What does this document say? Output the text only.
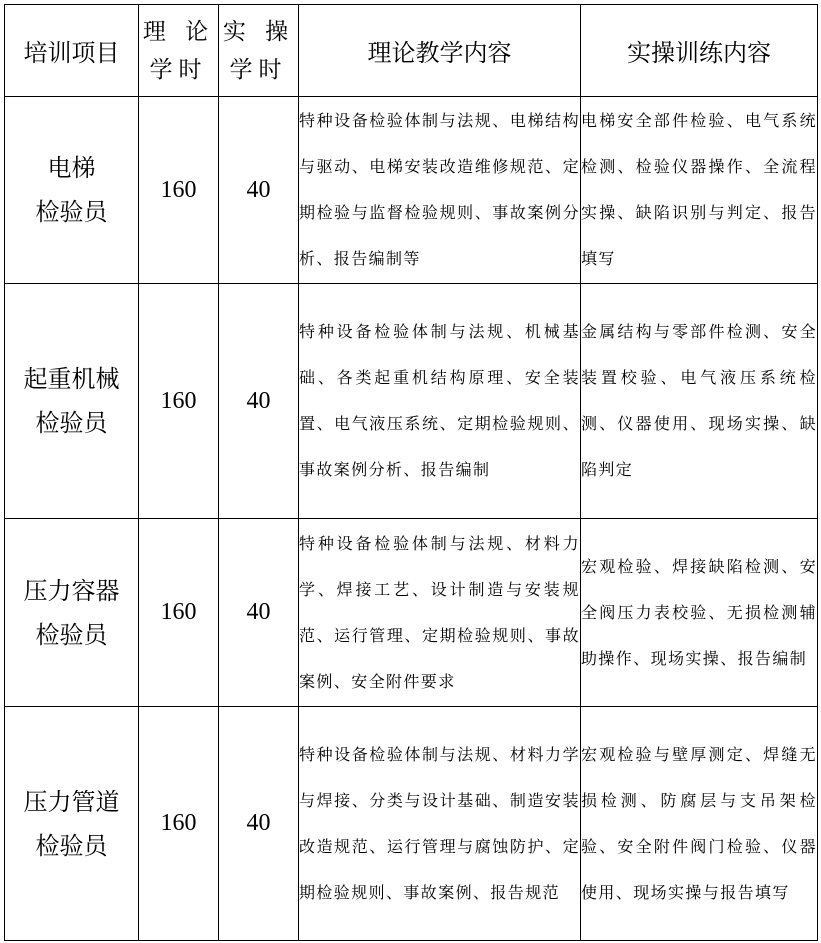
培训项目	理 论 学时	实 操 学时	理论教学内容	实操训练内容

电梯
检验员	160	40	特种设备检验体制与法规、电梯结构与驱动、电梯安装改造维修规范、定期检验与监督检验规则、事故案例分析、报告编制等	电梯安全部件检验、电气系统检测、检验仪器操作、全流程实操、缺陷识别与判定、报告填写

起重机械
检验员	160	40	特种设备检验体制与法规、机械基础、各类起重机结构原理、安全装置、电气液压系统、定期检验规则、事故案例分析、报告编制	金属结构与零部件检测、安全装置校验、电气液压系统检测、仪器使用、现场实操、缺陷判定

压力容器
检验员	160	40	特种设备检验体制与法规、材料力学、焊接工艺、设计制造与安装规范、运行管理、定期检验规则、事故案例、安全附件要求	宏观检验、焊接缺陷检测、安全阀压力表校验、无损检测辅助操作、现场实操、报告编制

压力管道
检验员	160	40	特种设备检验体制与法规、材料力学与焊接、分类与设计基础、制造安装改造规范、运行管理与腐蚀防护、定期检验规则、事故案例、报告规范	宏观检验与壁厚测定、焊缝无损检测、防腐层与支吊架检验、安全附件阀门检验、仪器使用、现场实操与报告填写
